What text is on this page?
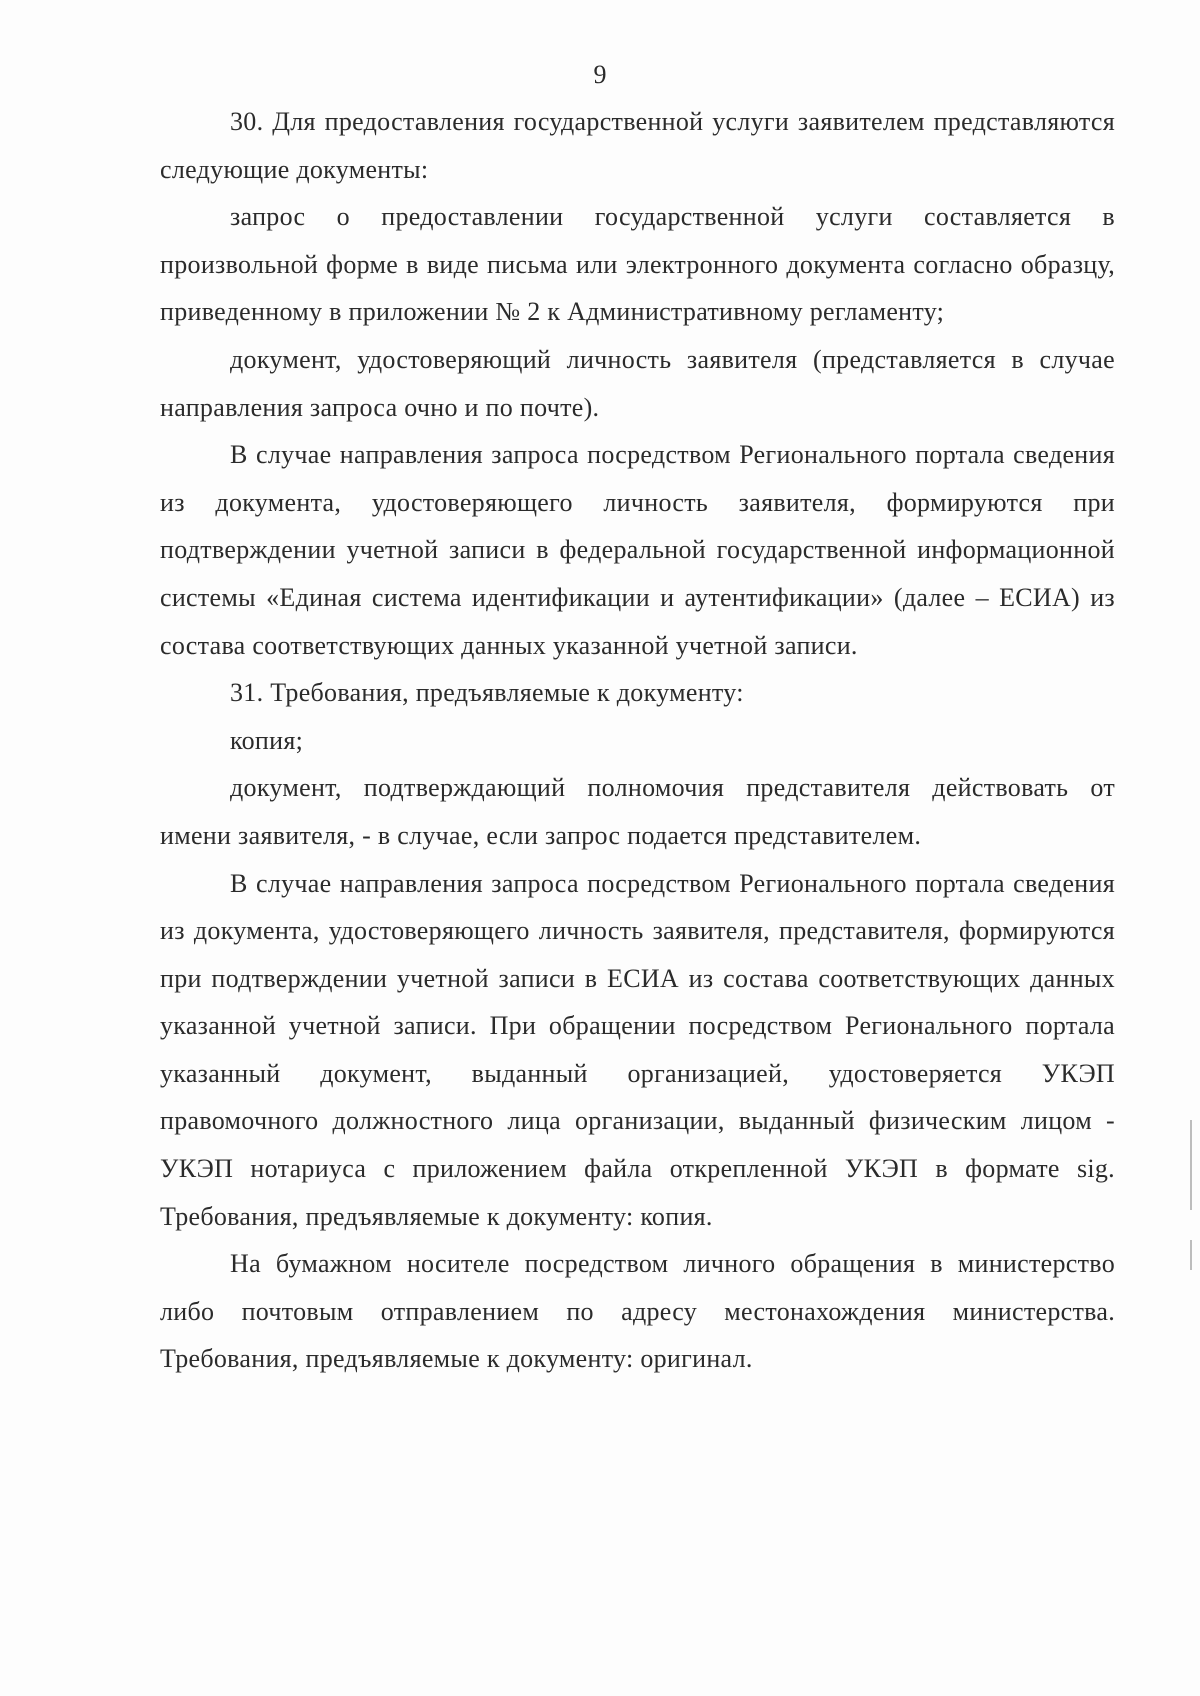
9

30. Для предоставления государственной услуги заявителем представляются следующие документы:

запрос о предоставлении государственной услуги составляется в произвольной форме в виде письма или электронного документа согласно образцу, приведенному в приложении № 2 к Административному регламенту;

документ, удостоверяющий личность заявителя (представляется в случае направления запроса очно и по почте).

В случае направления запроса посредством Регионального портала сведения из документа, удостоверяющего личность заявителя, формируются при подтверждении учетной записи в федеральной государственной информационной системы «Единая система идентификации и аутентификации» (далее – ЕСИА) из состава соответствующих данных указанной учетной записи.

31. Требования, предъявляемые к документу:

копия;

документ, подтверждающий полномочия представителя действовать от имени заявителя, - в случае, если запрос подается представителем.

В случае направления запроса посредством Регионального портала сведения из документа, удостоверяющего личность заявителя, представителя, формируются при подтверждении учетной записи в ЕСИА из состава соответствующих данных указанной учетной записи. При обращении посредством Регионального портала указанный документ, выданный организацией, удостоверяется УКЭП правомочного должностного лица организации, выданный физическим лицом - УКЭП нотариуса с приложением файла открепленной УКЭП в формате sig. Требования, предъявляемые к документу: копия.

На бумажном носителе посредством личного обращения в министерство либо почтовым отправлением по адресу местонахождения министерства. Требования, предъявляемые к документу: оригинал.
